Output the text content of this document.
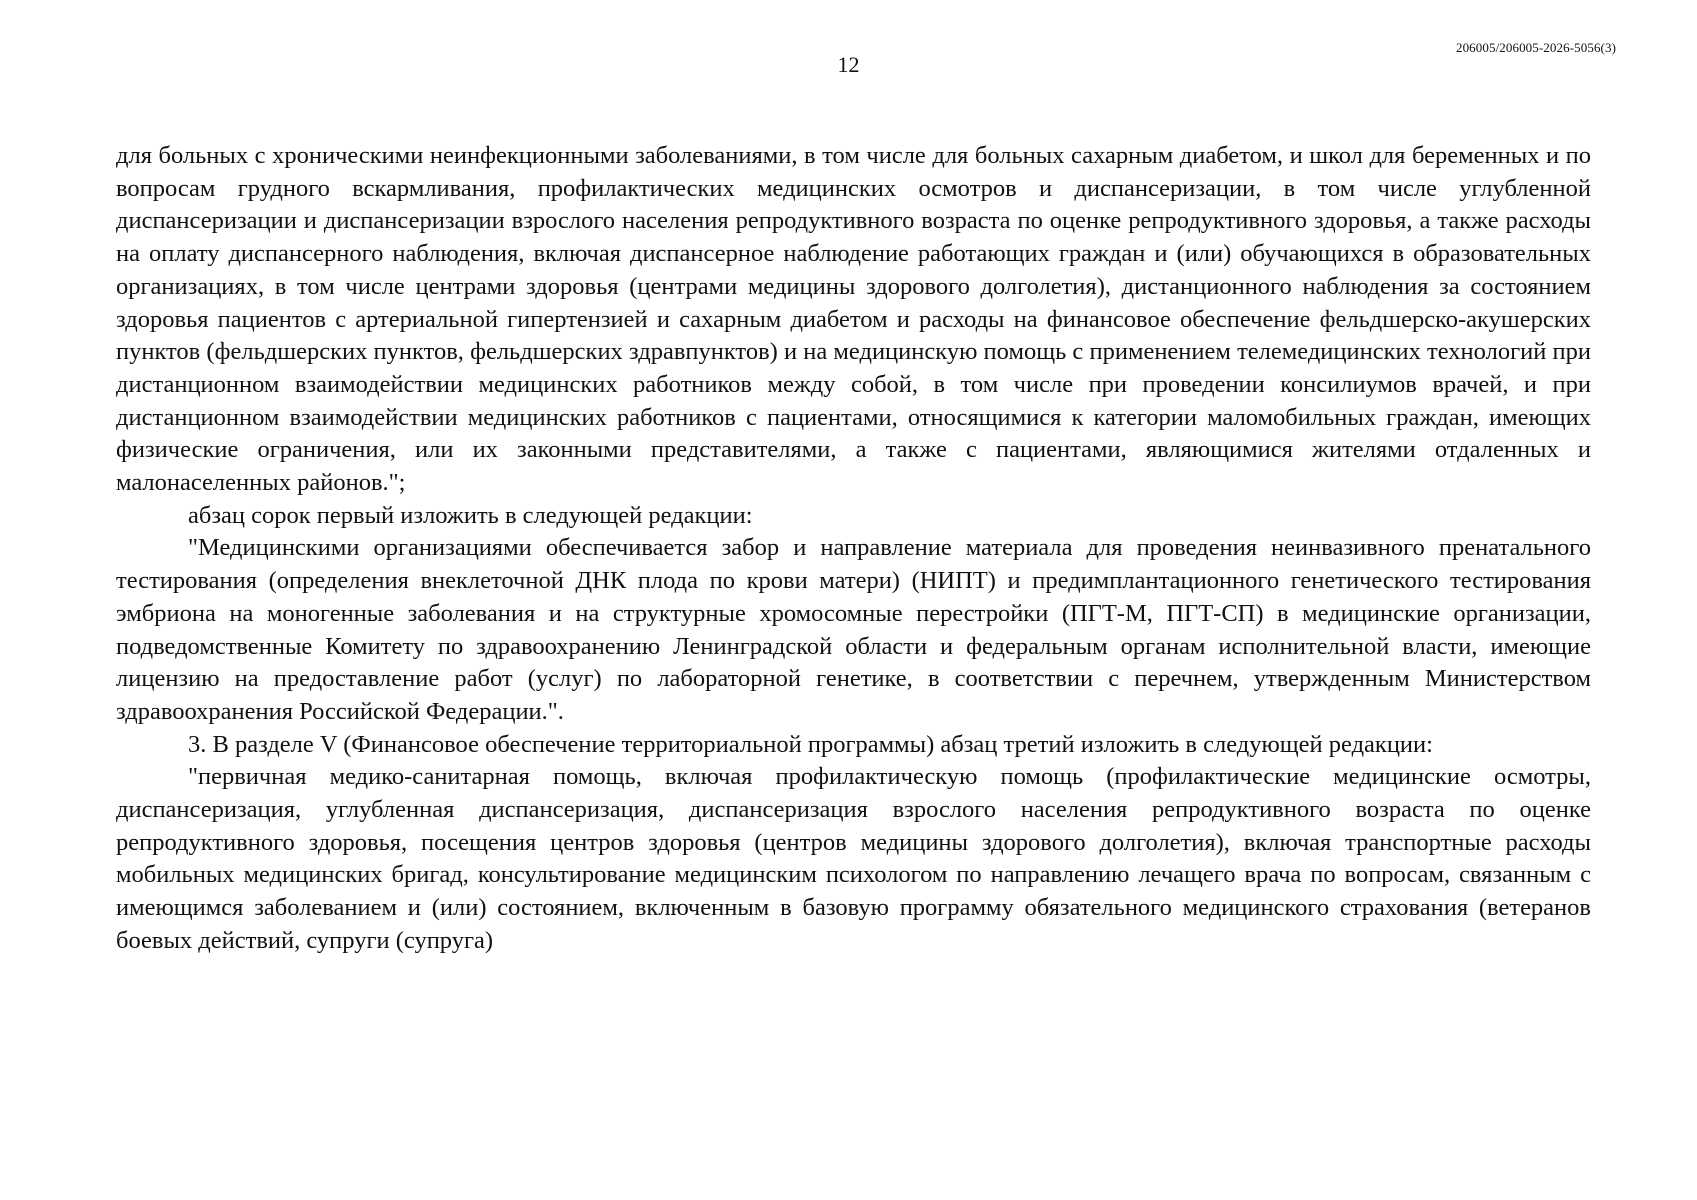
12
206005/206005-2026-5056(3)

для больных с хроническими неинфекционными заболеваниями, в том числе для больных сахарным диабетом, и школ для беременных и по вопросам грудного вскармливания, профилактических медицинских осмотров и диспансеризации, в том числе углубленной диспансеризации и диспансеризации взрослого населения репродуктивного возраста по оценке репродуктивного здоровья, а также расходы на оплату диспансерного наблюдения, включая диспансерное наблюдение работающих граждан и (или) обучающихся в образовательных организациях, в том числе центрами здоровья (центрами медицины здорового долголетия), дистанционного наблюдения за состоянием здоровья пациентов с артериальной гипертензией и сахарным диабетом и расходы на финансовое обеспечение фельдшерско-акушерских пунктов (фельдшерских пунктов, фельдшерских здравпунктов) и на медицинскую помощь с применением телемедицинских технологий при дистанционном взаимодействии медицинских работников между собой, в том числе при проведении консилиумов врачей, и при дистанционном взаимодействии медицинских работников с пациентами, относящимися к категории маломобильных граждан, имеющих физические ограничения, или их законными представителями, а также с пациентами, являющимися жителями отдаленных и малонаселенных районов.";

абзац сорок первый изложить в следующей редакции:

"Медицинскими организациями обеспечивается забор и направление материала для проведения неинвазивного пренатального тестирования (определения внеклеточной ДНК плода по крови матери) (НИПТ) и предимплантационного генетического тестирования эмбриона на моногенные заболевания и на структурные хромосомные перестройки (ПГТ-М, ПГТ-СП) в медицинские организации, подведомственные Комитету по здравоохранению Ленинградской области и федеральным органам исполнительной власти, имеющие лицензию на предоставление работ (услуг) по лабораторной генетике, в соответствии с перечнем, утвержденным Министерством здравоохранения Российской Федерации.".

3. В разделе V (Финансовое обеспечение территориальной программы) абзац третий изложить в следующей редакции:

"первичная медико-санитарная помощь, включая профилактическую помощь (профилактические медицинские осмотры, диспансеризация, углубленная диспансеризация, диспансеризация взрослого населения репродуктивного возраста по оценке репродуктивного здоровья, посещения центров здоровья (центров медицины здорового долголетия), включая транспортные расходы мобильных медицинских бригад, консультирование медицинским психологом по направлению лечащего врача по вопросам, связанным с имеющимся заболеванием и (или) состоянием, включенным в базовую программу обязательного медицинского страхования (ветеранов боевых действий, супруги (супруга)
